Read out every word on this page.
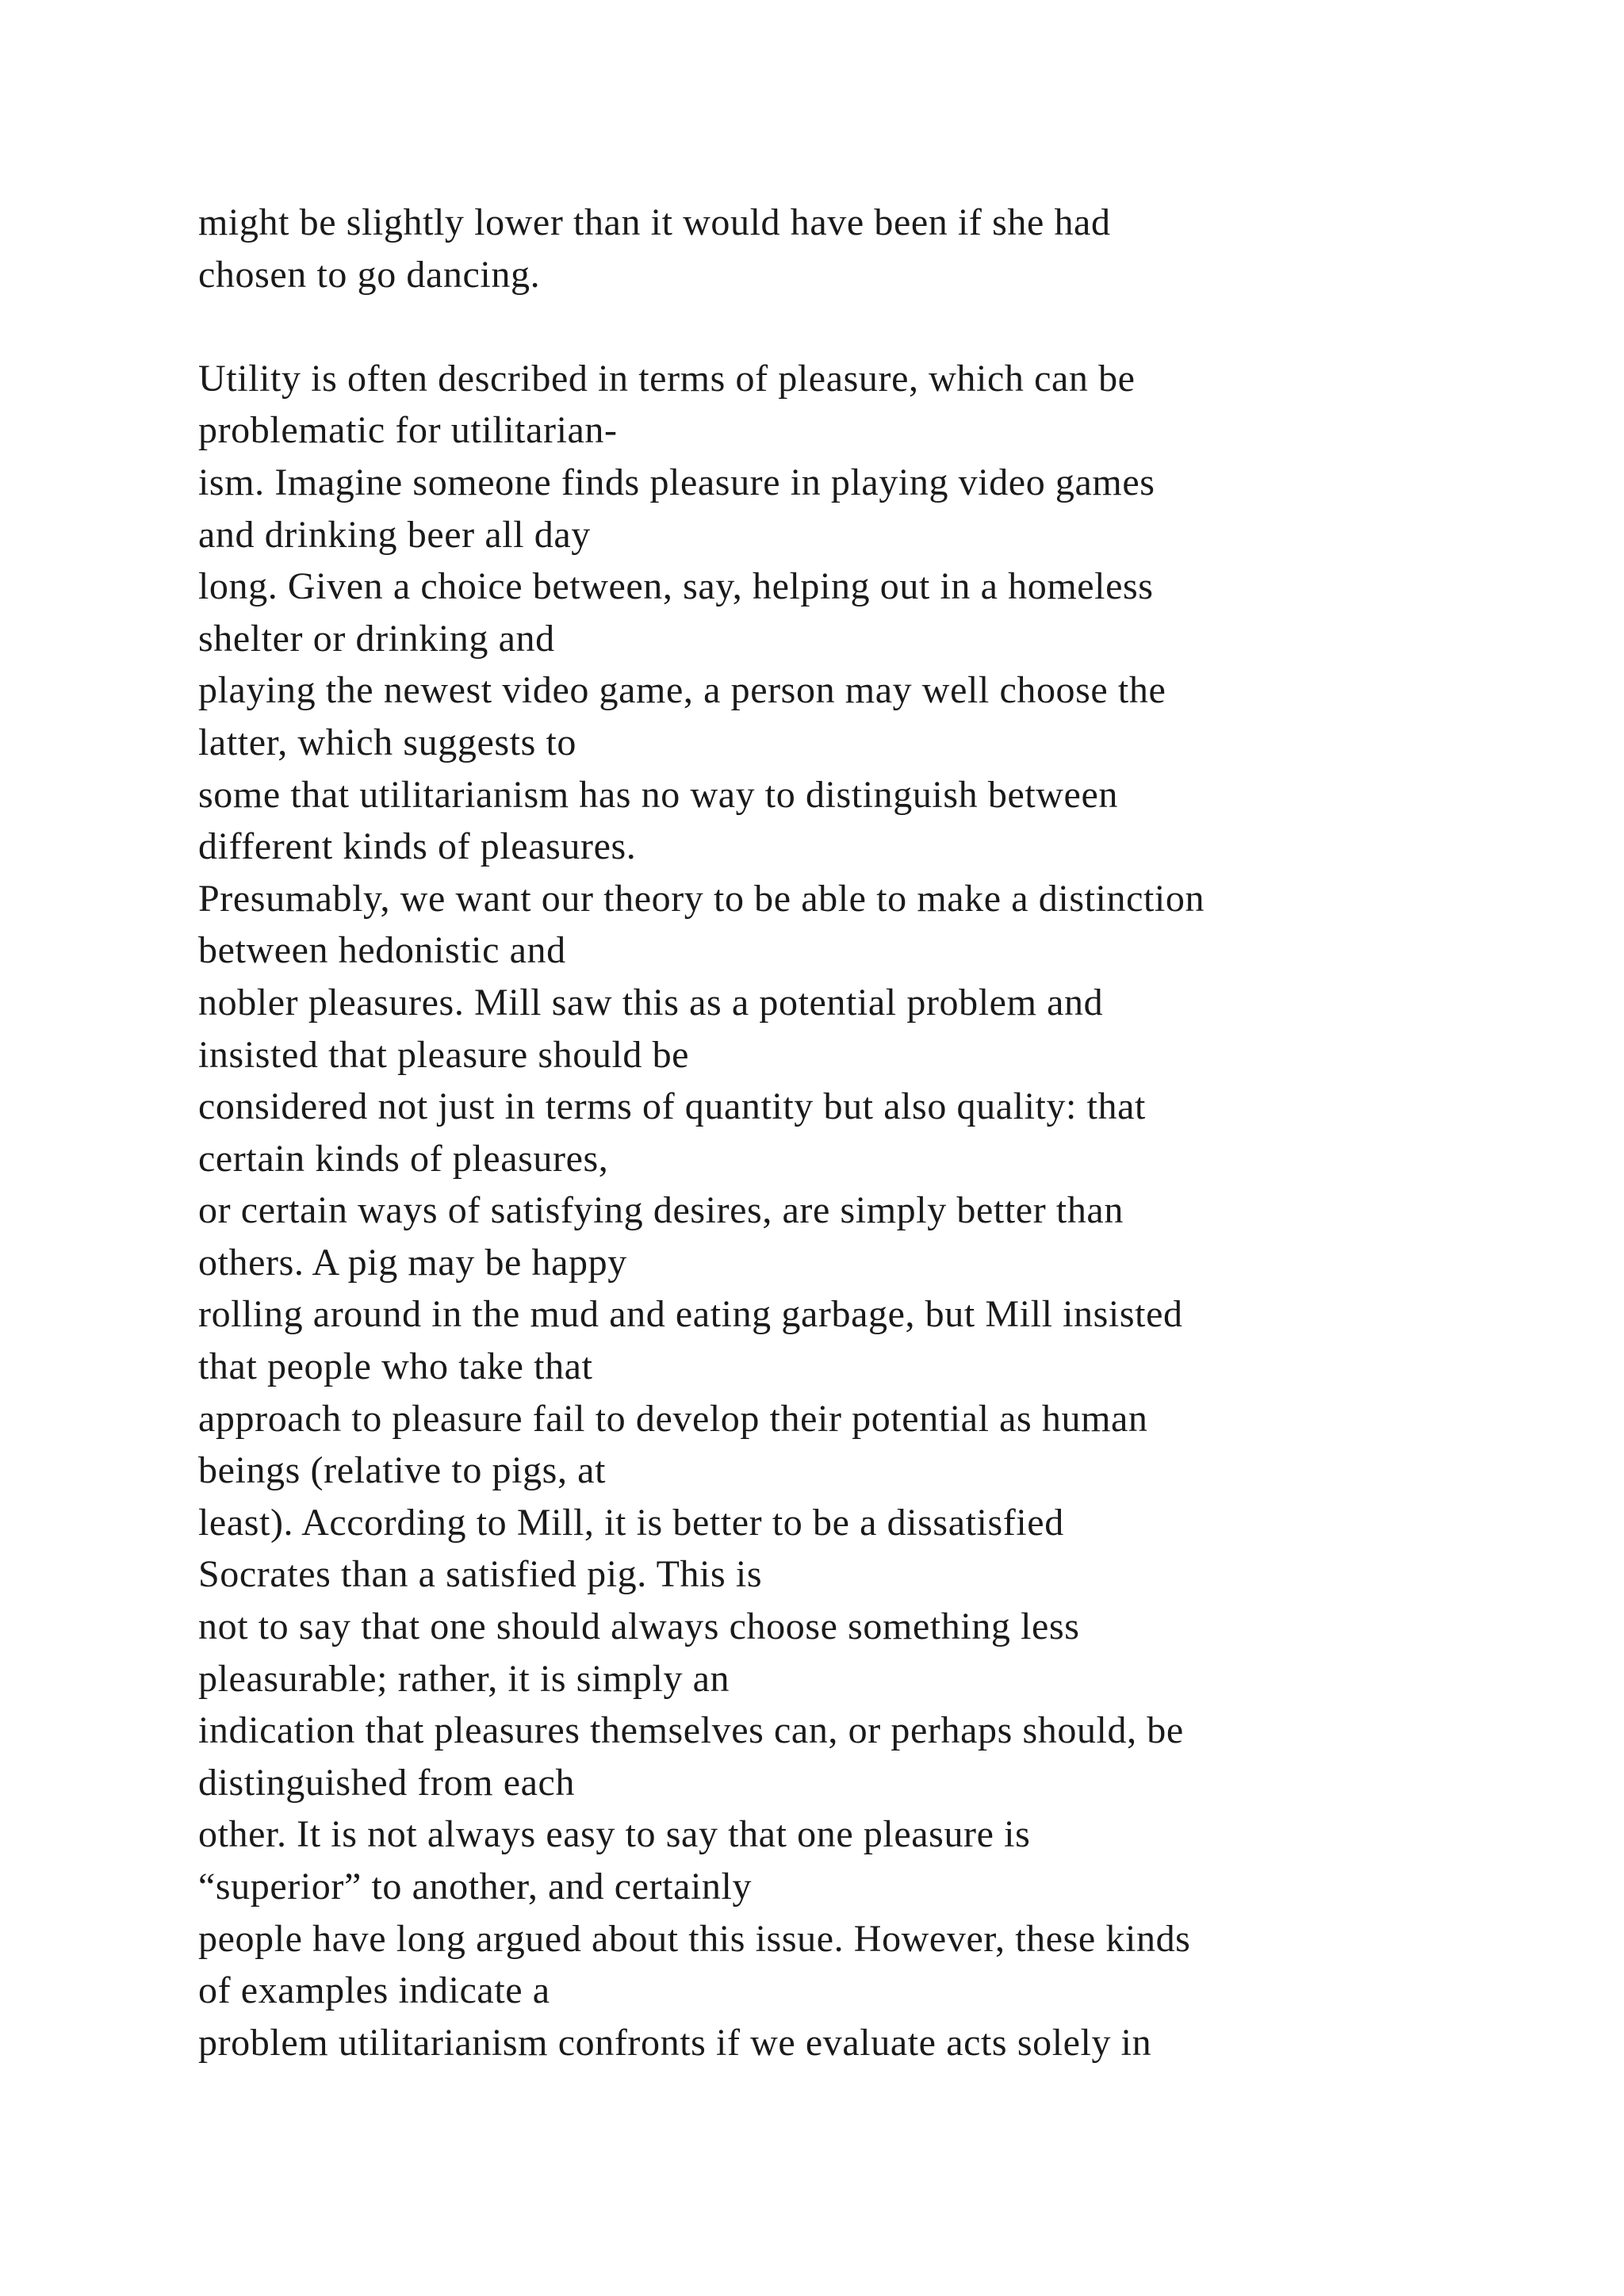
might be slightly lower than it would have been if she had
chosen to go dancing.
Utility is often described in terms of pleasure, which can be
problematic for utilitarian-
ism. Imagine someone finds pleasure in playing video games
and drinking beer all day
long. Given a choice between, say, helping out in a homeless
shelter or drinking and
playing the newest video game, a person may well choose the
latter, which suggests to
some that utilitarianism has no way to distinguish between
different kinds of pleasures.
Presumably, we want our theory to be able to make a distinction
between hedonistic and
nobler pleasures. Mill saw this as a potential problem and
insisted that pleasure should be
considered not just in terms of quantity but also quality: that
certain kinds of pleasures,
or certain ways of satisfying desires, are simply better than
others. A pig may be happy
rolling around in the mud and eating garbage, but Mill insisted
that people who take that
approach to pleasure fail to develop their potential as human
beings (relative to pigs, at
least). According to Mill, it is better to be a dissatisfied
Socrates than a satisfied pig. This is
not to say that one should always choose something less
pleasurable; rather, it is simply an
indication that pleasures themselves can, or perhaps should, be
distinguished from each
other. It is not always easy to say that one pleasure is
“superior” to another, and certainly
people have long argued about this issue. However, these kinds
of examples indicate a
problem utilitarianism confronts if we evaluate acts solely in
